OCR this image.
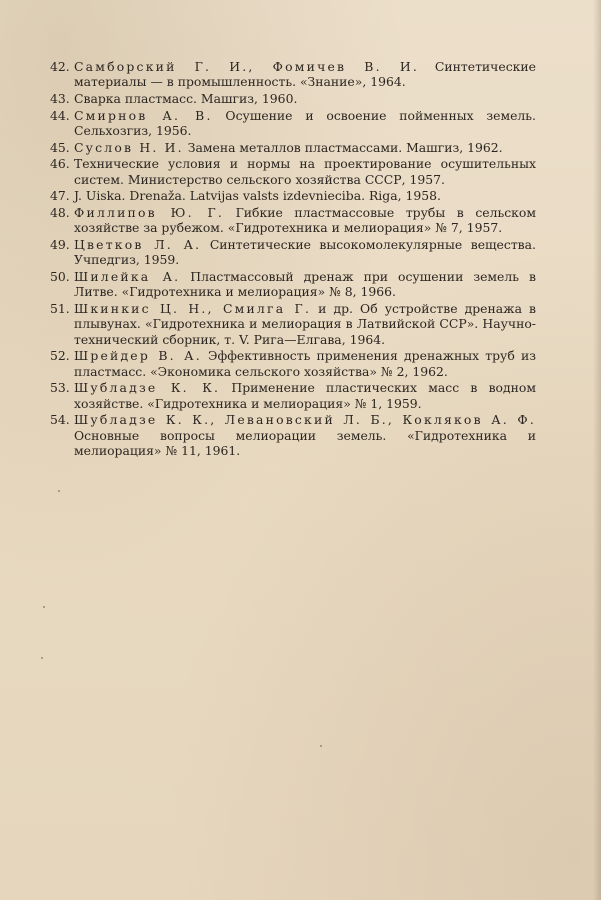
42. Самборский Г. И., Фомичев В. И. Синтетические материалы — в промышленность. «Знание», 1964.
43. Сварка пластмасс. Машгиз, 1960.
44. Смирнов А. В. Осушение и освоение пойменных земель. Сельхозгиз, 1956.
45. Суслов Н. И. Замена металлов пластмассами. Машгиз, 1962.
46. Технические условия и нормы на проектирование осушительных систем. Министерство сельского хозяйства СССР, 1957.
47. J. Uiska. Drenaža. Latvijas valsts izdevnieciba. Riga, 1958.
48. Филлипов Ю. Г. Гибкие пластмассовые трубы в сельском хозяйстве за рубежом. «Гидротехника и мелиорация» № 7, 1957.
49. Цветков Л. А. Синтетические высокомолекулярные вещества. Учпедгиз, 1959.
50. Шилейка А. Пластмассовый дренаж при осушении земель в Литве. «Гидротехника и мелиорация» № 8, 1966.
51. Шкинкис Ц. Н., Смилга Г. и др. Об устройстве дренажа в плывунах. «Гидротехника и мелиорация в Латвийской ССР». Научно-технический сборник, т. V. Рига—Елгава, 1964.
52. Шрейдер В. А. Эффективность применения дренажных труб из пластмасс. «Экономика сельского хозяйства» № 2, 1962.
53. Шубладзе К. К. Применение пластических масс в водном хозяйстве. «Гидротехника и мелиорация» № 1, 1959.
54. Шубладзе К. К., Левановский Л. Б., Кокляков А. Ф. Основные вопросы мелиорации земель. «Гидротехника и мелиорация» № 11, 1961.
